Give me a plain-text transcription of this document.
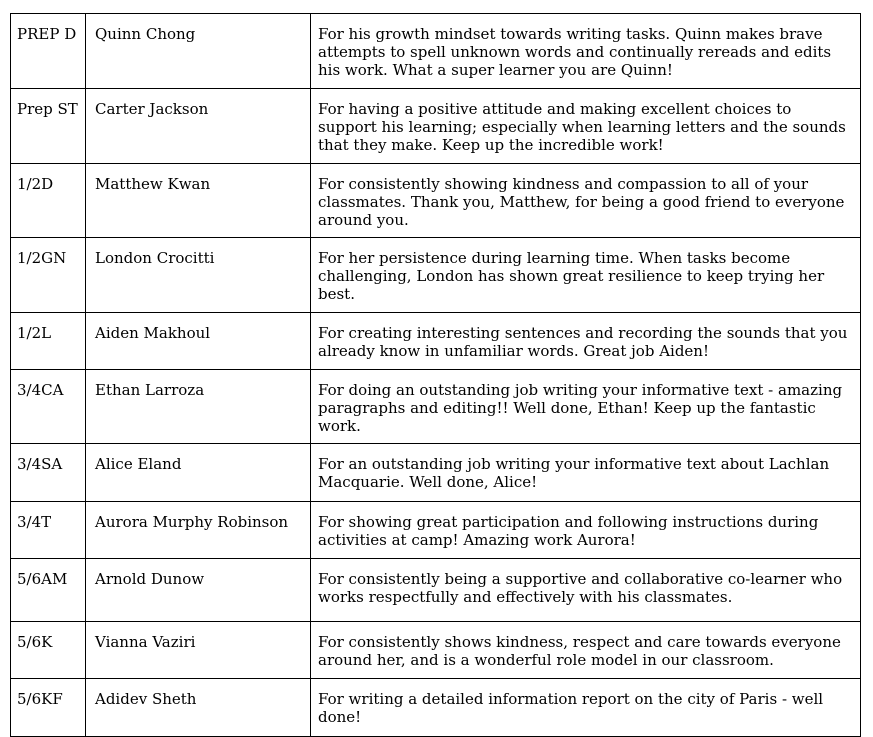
PREP D	Quinn Chong	For his growth mindset towards writing tasks. Quinn makes brave attempts to spell unknown words and continually rereads and edits his work. What a super learner you are Quinn!
Prep ST	Carter Jackson	For having a positive attitude and making excellent choices to support his learning; especially when learning letters and the sounds that they make. Keep up the incredible work!
1/2D	Matthew Kwan	For consistently showing kindness and compassion to all of your classmates. Thank you, Matthew, for being a good friend to everyone around you.
1/2GN	London Crocitti	For her persistence during learning time. When tasks become challenging, London has shown great resilience to keep trying her best.
1/2L	Aiden Makhoul	For creating interesting sentences and recording the sounds that you already know in unfamiliar words. Great job Aiden!
3/4CA	Ethan Larroza	For doing an outstanding job writing your informative text - amazing paragraphs and editing!! Well done, Ethan! Keep up the fantastic work.
3/4SA	Alice Eland	For an outstanding job writing your informative text about Lachlan Macquarie. Well done, Alice!
3/4T	Aurora Murphy Robinson	For showing great participation and following instructions during activities at camp! Amazing work Aurora!
5/6AM	Arnold Dunow	For consistently being a supportive and collaborative co-learner who works respectfully and effectively with his classmates.
5/6K	Vianna Vaziri	For consistently shows kindness, respect and care towards everyone around her, and is a wonderful role model in our classroom.
5/6KF	Adidev Sheth	For writing a detailed information report on the city of Paris - well done!
